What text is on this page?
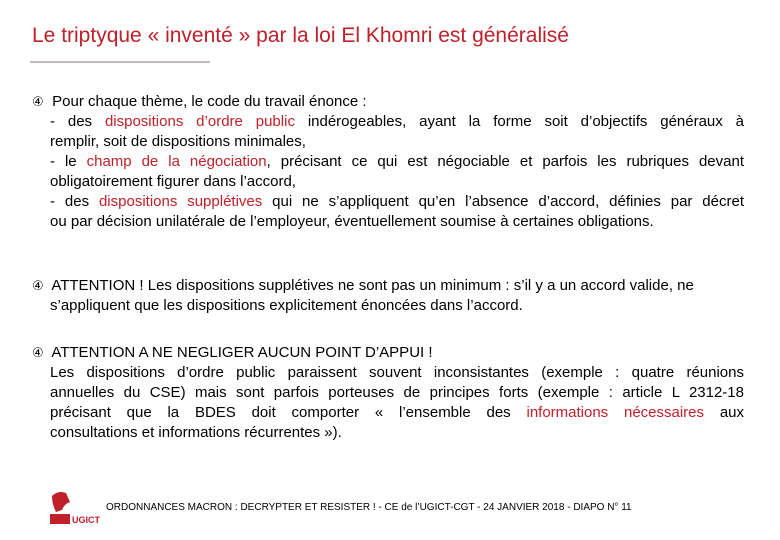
Le triptyque « inventé » par la loi El Khomri est généralisé
④ Pour chaque thème, le code du travail énonce :
- des dispositions d’ordre public indérogeables, ayant la forme soit d’objectifs généraux à
remplir, soit de dispositions minimales,
- le champ de la négociation, précisant ce qui est négociable et parfois les rubriques devant
obligatoirement figurer dans l’accord,
- des dispositions supplétives qui ne s’appliquent qu’en l’absence d’accord, définies par décret
ou par décision unilatérale de l’employeur, éventuellement soumise à certaines obligations.
④ ATTENTION ! Les dispositions supplétives ne sont pas un minimum : s’il y a un accord valide, ne
s’appliquent que les dispositions explicitement énoncées dans l’accord.
④ ATTENTION A NE NEGLIGER AUCUN POINT D’APPUI !
Les dispositions d’ordre public paraissent souvent inconsistantes (exemple : quatre réunions
annuelles du CSE) mais sont parfois porteuses de principes forts (exemple : article L 2312-18
précisant que la BDES doit comporter « l’ensemble des informations nécessaires aux
consultations et informations récurrentes »).
UGICT
ORDONNANCES MACRON : DECRYPTER ET RESISTER ! - CE de l’UGICT-CGT - 24 JANVIER 2018 - DIAPO N° 11
